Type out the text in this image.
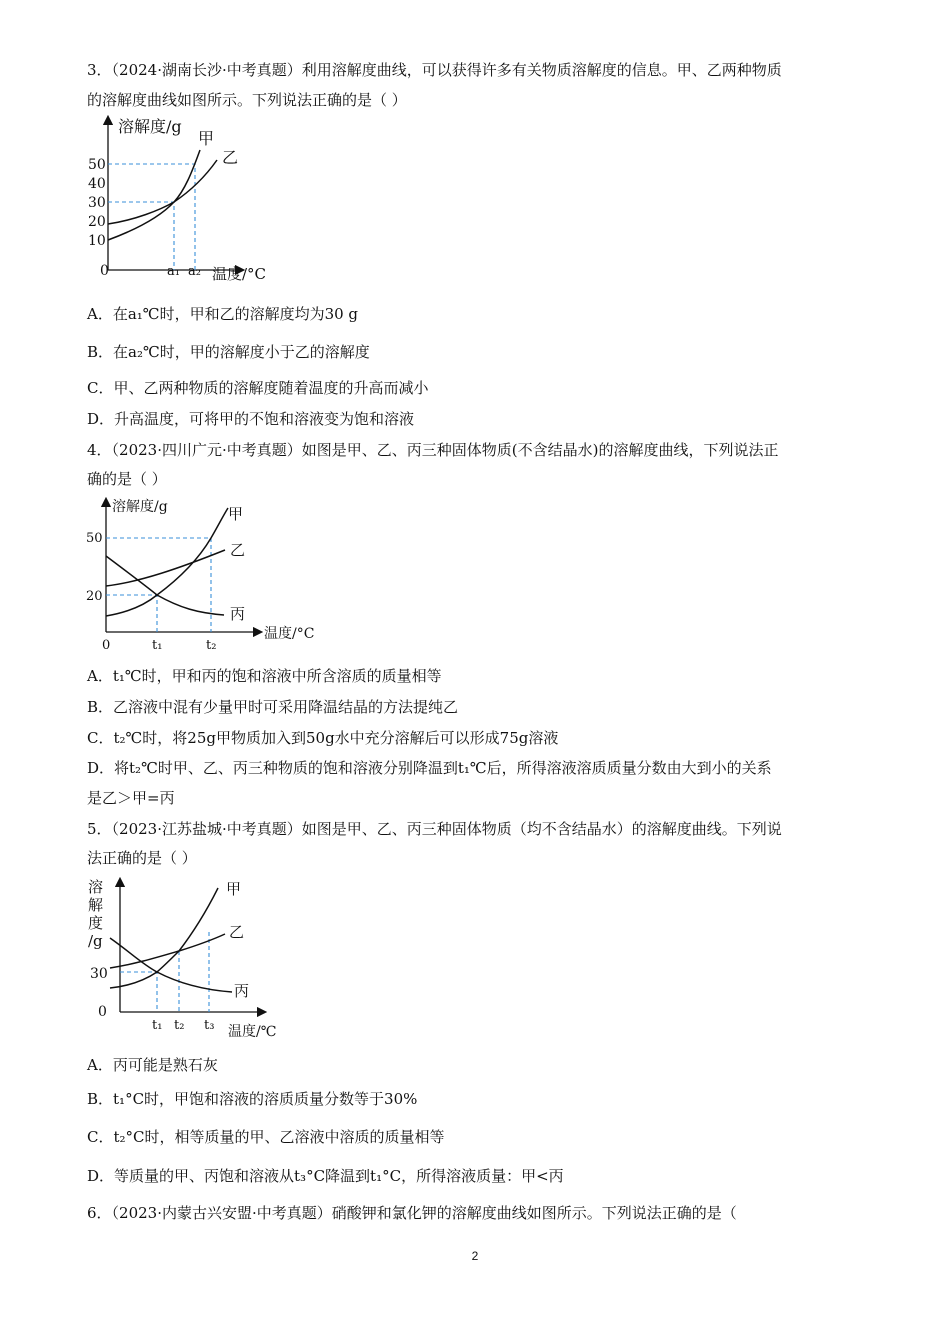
3．（2024·湖南长沙·中考真题）利用溶解度曲线，可以获得许多有关物质溶解度的信息。甲、乙两种物质
的溶解度曲线如图所示。下列说法正确的是（ ）
溶解度/g
温度/°C
0
50
40
30
20
10
甲
乙
a₁ a₂
A．在a₁℃时，甲和乙的溶解度均为30 g
B．在a₂℃时，甲的溶解度小于乙的溶解度
C．甲、乙两种物质的溶解度随着温度的升高而减小
D．升高温度，可将甲的不饱和溶液变为饱和溶液
4．（2023·四川广元·中考真题）如图是甲、乙、丙三种固体物质(不含结晶水)的溶解度曲线，下列说法正
确的是（ ）
溶解度/g
温度/°C
0
50
20
甲
乙
丙
t₁	t₂
A．t₁℃时，甲和丙的饱和溶液中所含溶质的质量相等
B．乙溶液中混有少量甲时可采用降温结晶的方法提纯乙
C．t₂℃时，将25g甲物质加入到50g水中充分溶解后可以形成75g溶液
D．将t₂℃时甲、乙、丙三种物质的饱和溶液分别降温到t₁℃后，所得溶液溶质质量分数由大到小的关系
是乙＞甲=丙
5．（2023·江苏盐城·中考真题）如图是甲、乙、丙三种固体物质（均不含结晶水）的溶解度曲线。下列说
法正确的是（ ）
溶
解
度
/g
30
0
温度/℃
甲
乙
丙
t₁ t₂ t₃
A．丙可能是熟石灰
B．t₁°C时，甲饱和溶液的溶质质量分数等于30%
C．t₂°C时，相等质量的甲、乙溶液中溶质的质量相等
D．等质量的甲、丙饱和溶液从t₃°C降温到t₁°C，所得溶液质量：甲<丙
6．（2023·内蒙古兴安盟·中考真题）硝酸钾和氯化钾的溶解度曲线如图所示。下列说法正确的是（
2
